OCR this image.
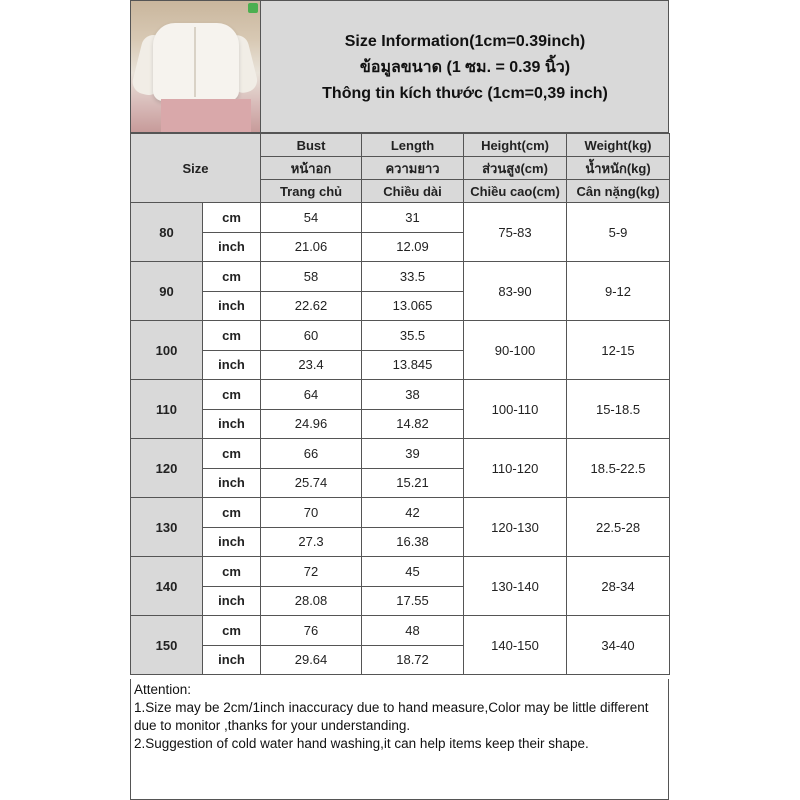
Size Information(1cm=0.39inch)
ข้อมูลขนาด (1 ซม. = 0.39 นิ้ว)
Thông tin kích thước (1cm=0,39 inch)
Size		Bust	Length	Height(cm)	Weight(kg)
		หน้าอก	ความยาว	ส่วนสูง(cm)	น้ำหนัก(kg)
		Trang chủ	Chiều dài	Chiều cao(cm)	Cân nặng(kg)
80	cm	54	31	75-83	5-9
	inch	21.06	12.09		
90	cm	58	33.5	83-90	9-12
	inch	22.62	13.065		
100	cm	60	35.5	90-100	12-15
	inch	23.4	13.845		
110	cm	64	38	100-110	15-18.5
	inch	24.96	14.82		
120	cm	66	39	110-120	18.5-22.5
	inch	25.74	15.21		
130	cm	70	42	120-130	22.5-28
	inch	27.3	16.38		
140	cm	72	45	130-140	28-34
	inch	28.08	17.55		
150	cm	76	48	140-150	34-40
	inch	29.64	18.72		
Attention:
1.Size may be 2cm/1inch inaccuracy due to hand measure,Color may be little different due to monitor ,thanks for your understanding.
2.Suggestion of cold water hand washing,it can help items keep their shape.
